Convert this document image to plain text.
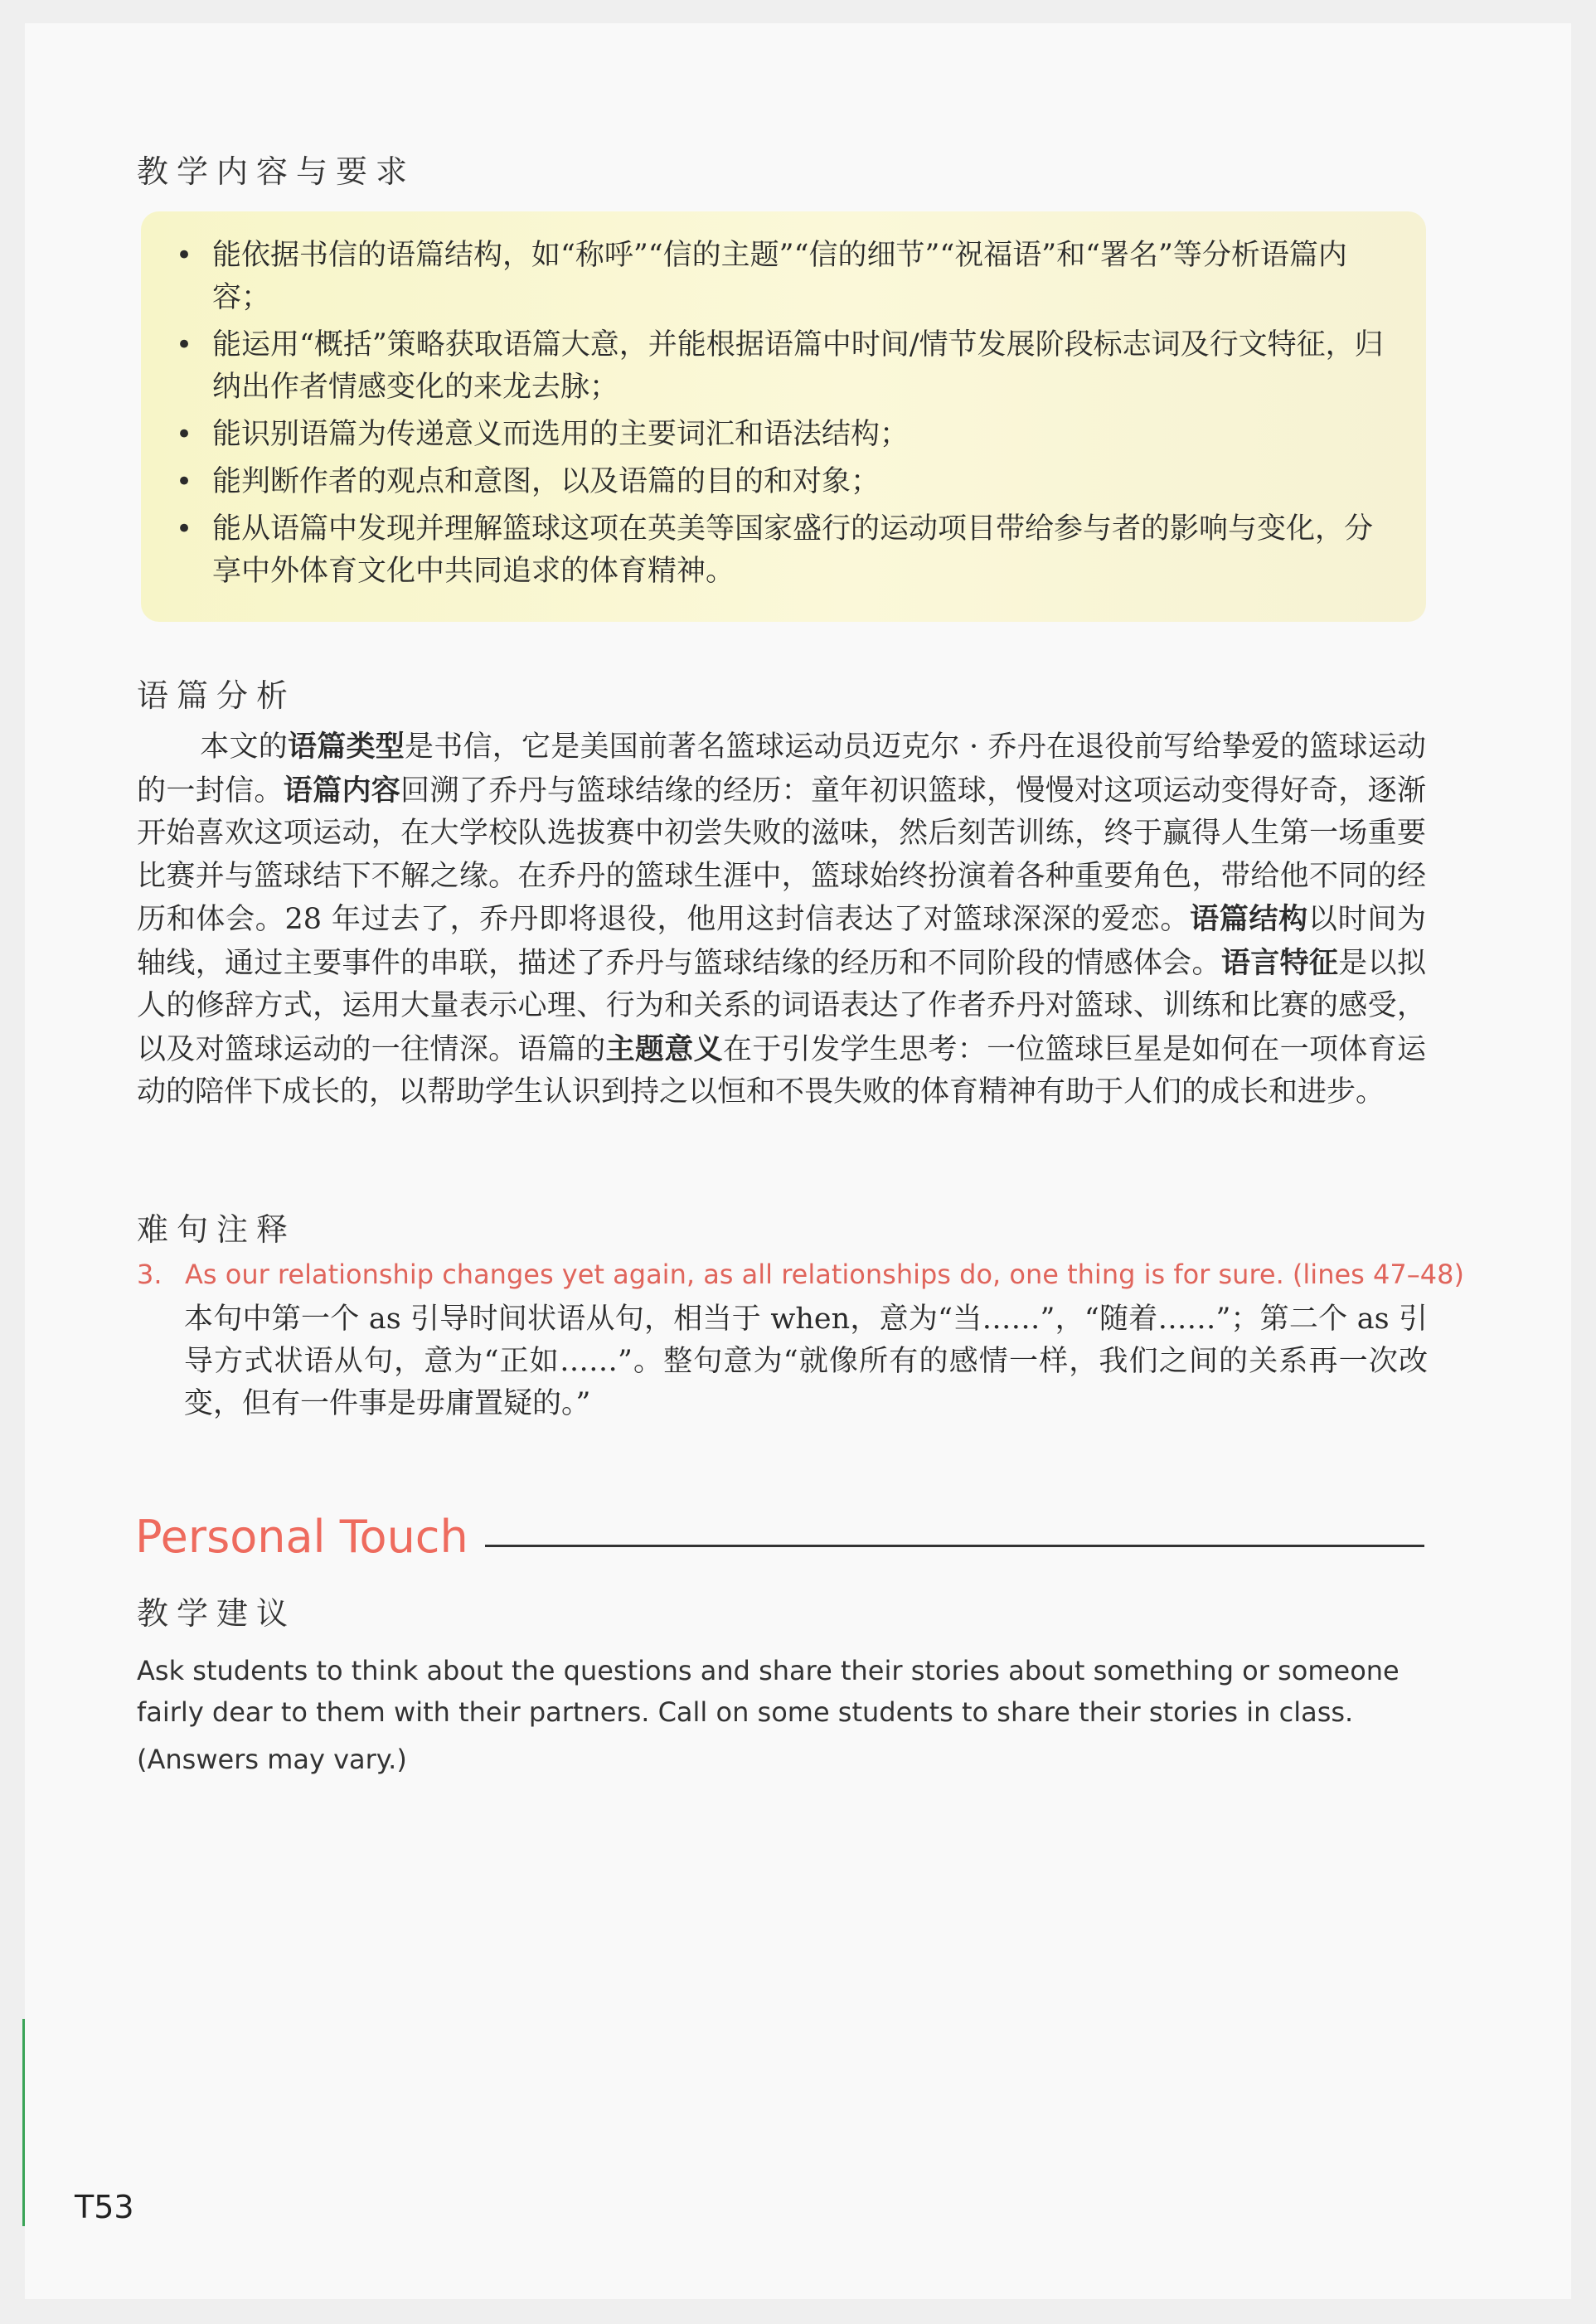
教学内容与要求
• 能依据书信的语篇结构，如“称呼”“信的主题”“信的细节”“祝福语”和“署名”等分析语篇内容；
• 能运用“概括”策略获取语篇大意，并能根据语篇中时间/情节发展阶段标志词及行文特征，归纳出作者情感变化的来龙去脉；
• 能识别语篇为传递意义而选用的主要词汇和语法结构；
• 能判断作者的观点和意图，以及语篇的目的和对象；
• 能从语篇中发现并理解篮球这项在英美等国家盛行的运动项目带给参与者的影响与变化，分享中外体育文化中共同追求的体育精神。
语篇分析

本文的语篇类型是书信，它是美国前著名篮球运动员迈克尔 · 乔丹在退役前写给挚爱的篮球运动的一封信。语篇内容回溯了乔丹与篮球结缘的经历：童年初识篮球，慢慢对这项运动变得好奇，逐渐开始喜欢这项运动，在大学校队选拔赛中初尝失败的滋味，然后刻苦训练，终于赢得人生第一场重要比赛并与篮球结下不解之缘。在乔丹的篮球生涯中，篮球始终扮演着各种重要角色，带给他不同的经历和体会。28 年过去了，乔丹即将退役，他用这封信表达了对篮球深深的爱恋。语篇结构以时间为轴线，通过主要事件的串联，描述了乔丹与篮球结缘的经历和不同阶段的情感体会。语言特征是以拟人的修辞方式，运用大量表示心理、行为和关系的词语表达了作者乔丹对篮球、训练和比赛的感受，以及对篮球运动的一往情深。语篇的主题意义在于引发学生思考：一位篮球巨星是如何在一项体育运动的陪伴下成长的，以帮助学生认识到持之以恒和不畏失败的体育精神有助于人们的成长和进步。

难句注释

3. As our relationship changes yet again, as all relationships do, one thing is for sure. (lines 47–48)

本句中第一个 as 引导时间状语从句，相当于 when，意为“当……”，“随着……”；第二个 as 引导方式状语从句，意为“正如……”。整句意为“就像所有的感情一样，我们之间的关系再一次改变，但有一件事是毋庸置疑的。”

Personal Touch
教学建议

Ask students to think about the questions and share their stories about something or someone fairly dear to them with their partners. Call on some students to share their stories in class.

(Answers may vary.)

T53
